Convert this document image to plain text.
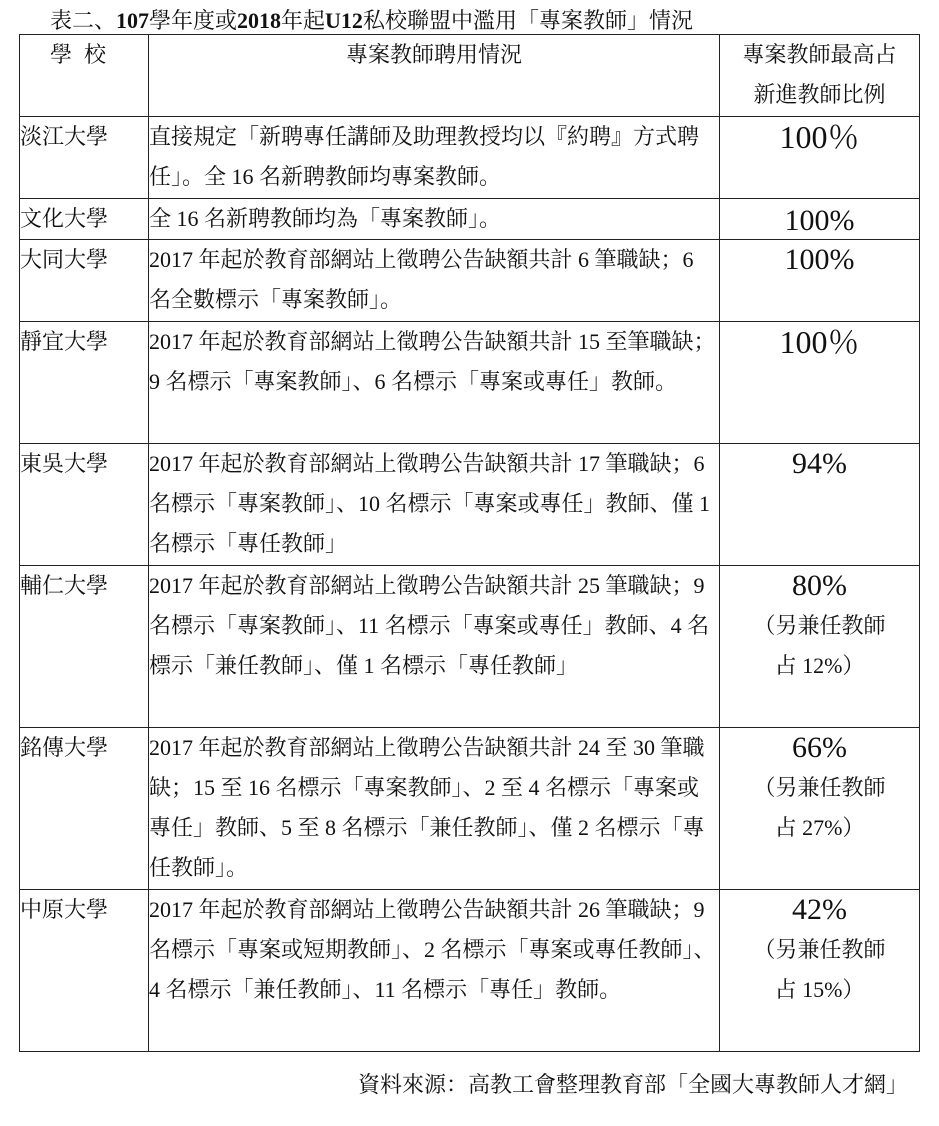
表二、107學年度或2018年起U12私校聯盟中濫用「專案教師」情況
學校	專案教師聘用情況	專案教師最高占
新進教師比例
淡江大學	直接規定「新聘專任講師及助理教授均以『約聘』方式聘任」。全 16 名新聘教師均專案教師。	100％

文化大學	全 16 名新聘教師均為「專案教師」。	100%

大同大學	2017 年起於教育部網站上徵聘公告缺額共計 6 筆職缺；6 名全數標示「專案教師」。	100%

靜宜大學	2017 年起於教育部網站上徵聘公告缺額共計 15 至筆職缺；9 名標示「專案教師」、6 名標示「專案或專任」教師。	100％

東吳大學	2017 年起於教育部網站上徵聘公告缺額共計 17 筆職缺；6 名標示「專案教師」、10 名標示「專案或專任」教師、僅 1 名標示「專任教師」	94%

輔仁大學	2017 年起於教育部網站上徵聘公告缺額共計 25 筆職缺；9 名標示「專案教師」、11 名標示「專案或專任」教師、4 名標示「兼任教師」、僅 1 名標示「專任教師」	80%
（另兼任教師
占 12%）

銘傳大學	2017 年起於教育部網站上徵聘公告缺額共計 24 至 30 筆職缺；15 至 16 名標示「專案教師」、2 至 4 名標示「專案或專任」教師、5 至 8 名標示「兼任教師」、僅 2 名標示「專任教師」。	66%
（另兼任教師
占 27%）

中原大學	2017 年起於教育部網站上徵聘公告缺額共計 26 筆職缺；9 名標示「專案或短期教師」、2 名標示「專案或專任教師」、4 名標示「兼任教師」、11 名標示「專任」教師。	42%
（另兼任教師
占 15%）
資料來源：高教工會整理教育部「全國大專教師人才網」
